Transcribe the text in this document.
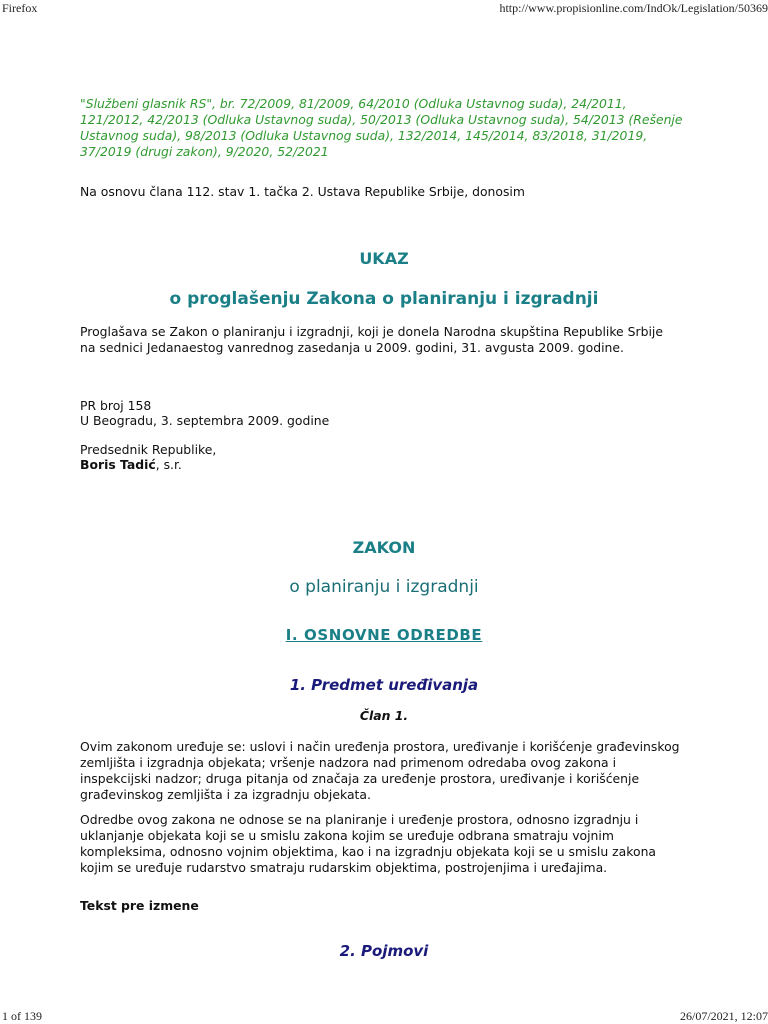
Firefox	http://www.propisionline.com/IndOk/Legislation/50369
"Službeni glasnik RS", br. 72/2009, 81/2009, 64/2010 (Odluka Ustavnog suda), 24/2011, 121/2012, 42/2013 (Odluka Ustavnog suda), 50/2013 (Odluka Ustavnog suda), 54/2013 (Rešenje Ustavnog suda), 98/2013 (Odluka Ustavnog suda), 132/2014, 145/2014, 83/2018, 31/2019, 37/2019 (drugi zakon), 9/2020, 52/2021
Na osnovu člana 112. stav 1. tačka 2. Ustava Republike Srbije, donosim
UKAZ
o proglašenju Zakona o planiranju i izgradnji
Proglašava se Zakon o planiranju i izgradnji, koji je donela Narodna skupština Republike Srbije na sednici Jedanaestog vanrednog zasedanja u 2009. godini, 31. avgusta 2009. godine.
PR broj 158
U Beogradu, 3. septembra 2009. godine
Predsednik Republike,
Boris Tadić, s.r.
ZAKON
o planiranju i izgradnji
I. OSNOVNE ODREDBE
1. Predmet uređivanja
Član 1.
Ovim zakonom uređuje se: uslovi i način uređenja prostora, uređivanje i korišćenje građevinskog zemljišta i izgradnja objekata; vršenje nadzora nad primenom odredaba ovog zakona i inspekcijski nadzor; druga pitanja od značaja za uređenje prostora, uređivanje i korišćenje građevinskog zemljišta i za izgradnju objekata.
Odredbe ovog zakona ne odnose se na planiranje i uređenje prostora, odnosno izgradnju i uklanjanje objekata koji se u smislu zakona kojim se uređuje odbrana smatraju vojnim kompleksima, odnosno vojnim objektima, kao i na izgradnju objekata koji se u smislu zakona kojim se uređuje rudarstvo smatraju rudarskim objektima, postrojenjima i uređajima.
Tekst pre izmene
2. Pojmovi
1 of 139	26/07/2021, 12:07
